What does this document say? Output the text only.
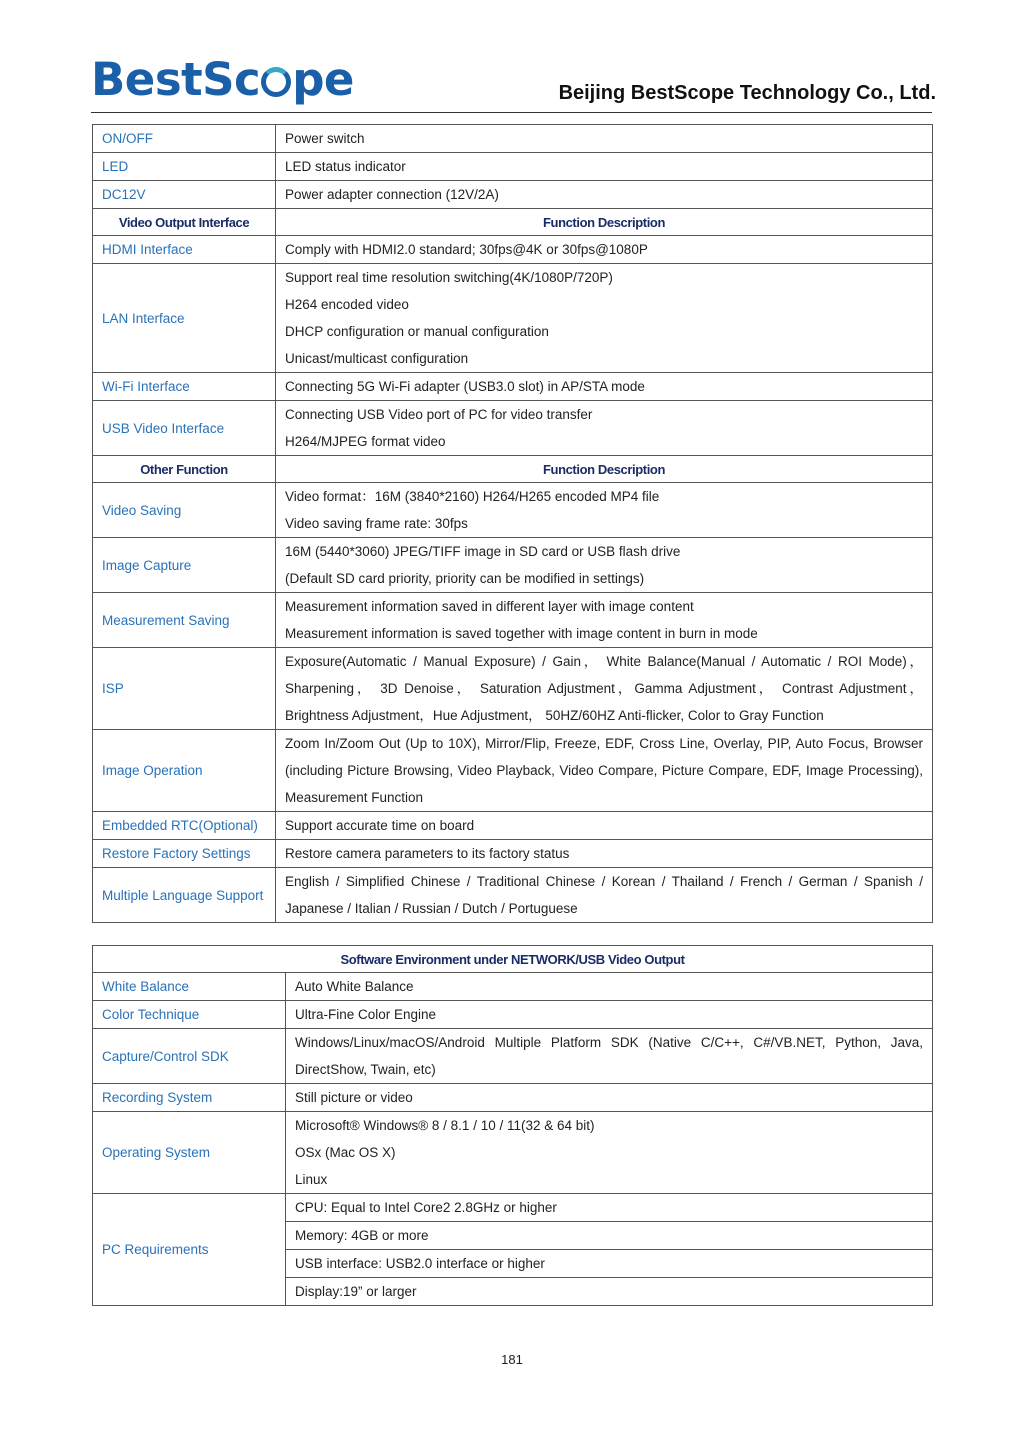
BestSc pe	Beijing BestScope Technology Co., Ltd.
ON/OFF	Power switch
LED	LED status indicator
DC12V	Power adapter connection (12V/2A)
Video Output Interface	Function Description
HDMI Interface	Comply with HDMI2.0 standard; 30fps@4K or 30fps@1080P
LAN Interface	Support real time resolution switching(4K/1080P/720P)
H264 encoded video
DHCP configuration or manual configuration
Unicast/multicast configuration

Wi-Fi Interface	Connecting 5G Wi-Fi adapter (USB3.0 slot) in AP/STA mode
USB Video Interface	Connecting USB Video port of PC for video transfer
H264/MJPEG format video

Other Function	Function Description
Video Saving	Video format：16M (3840*2160) H264/H265 encoded MP4 file
Video saving frame rate: 30fps

Image Capture	16M (5440*3060) JPEG/TIFF image in SD card or USB flash drive
(Default SD card priority, priority can be modified in settings)

Measurement Saving	Measurement information saved in different layer with image content
Measurement information is saved together with image content in burn in mode

ISP	Exposure(Automatic / Manual Exposure) / Gain， White Balance(Manual / Automatic / ROI Mode)， Sharpening， 3D Denoise， Saturation Adjustment，Gamma Adjustment， Contrast Adjustment， Brightness Adjustment，Hue Adjustment， 50HZ/60HZ Anti-flicker, Color to Gray Function

Image Operation	Zoom In/Zoom Out (Up to 10X), Mirror/Flip, Freeze, EDF, Cross Line, Overlay, PIP, Auto Focus, Browser (including Picture Browsing, Video Playback, Video Compare, Picture Compare, EDF, Image Processing), Measurement Function

Embedded RTC(Optional)	Support accurate time on board
Restore Factory Settings	Restore camera parameters to its factory status

Multiple Language Support	English / Simplified Chinese / Traditional Chinese / Korean / Thailand / French / German / Spanish / Japanese / Italian / Russian / Dutch / Portuguese
Software Environment under NETWORK/USB Video Output	
White Balance	Auto White Balance
Color Technique	Ultra-Fine Color Engine
Capture/Control SDK	Windows/Linux/macOS/Android Multiple Platform SDK (Native C/C++, C#/VB.NET, Python, Java, DirectShow, Twain, etc)

Recording System	Still picture or video
Operating System	Microsoft® Windows® 8 / 8.1 / 10 / 11(32 & 64 bit)
OSx (Mac OS X)
Linux

PC Requirements	CPU: Equal to Intel Core2 2.8GHz or higher
	Memory: 4GB or more
	USB interface: USB2.0 interface or higher
	Display:19” or larger
181
